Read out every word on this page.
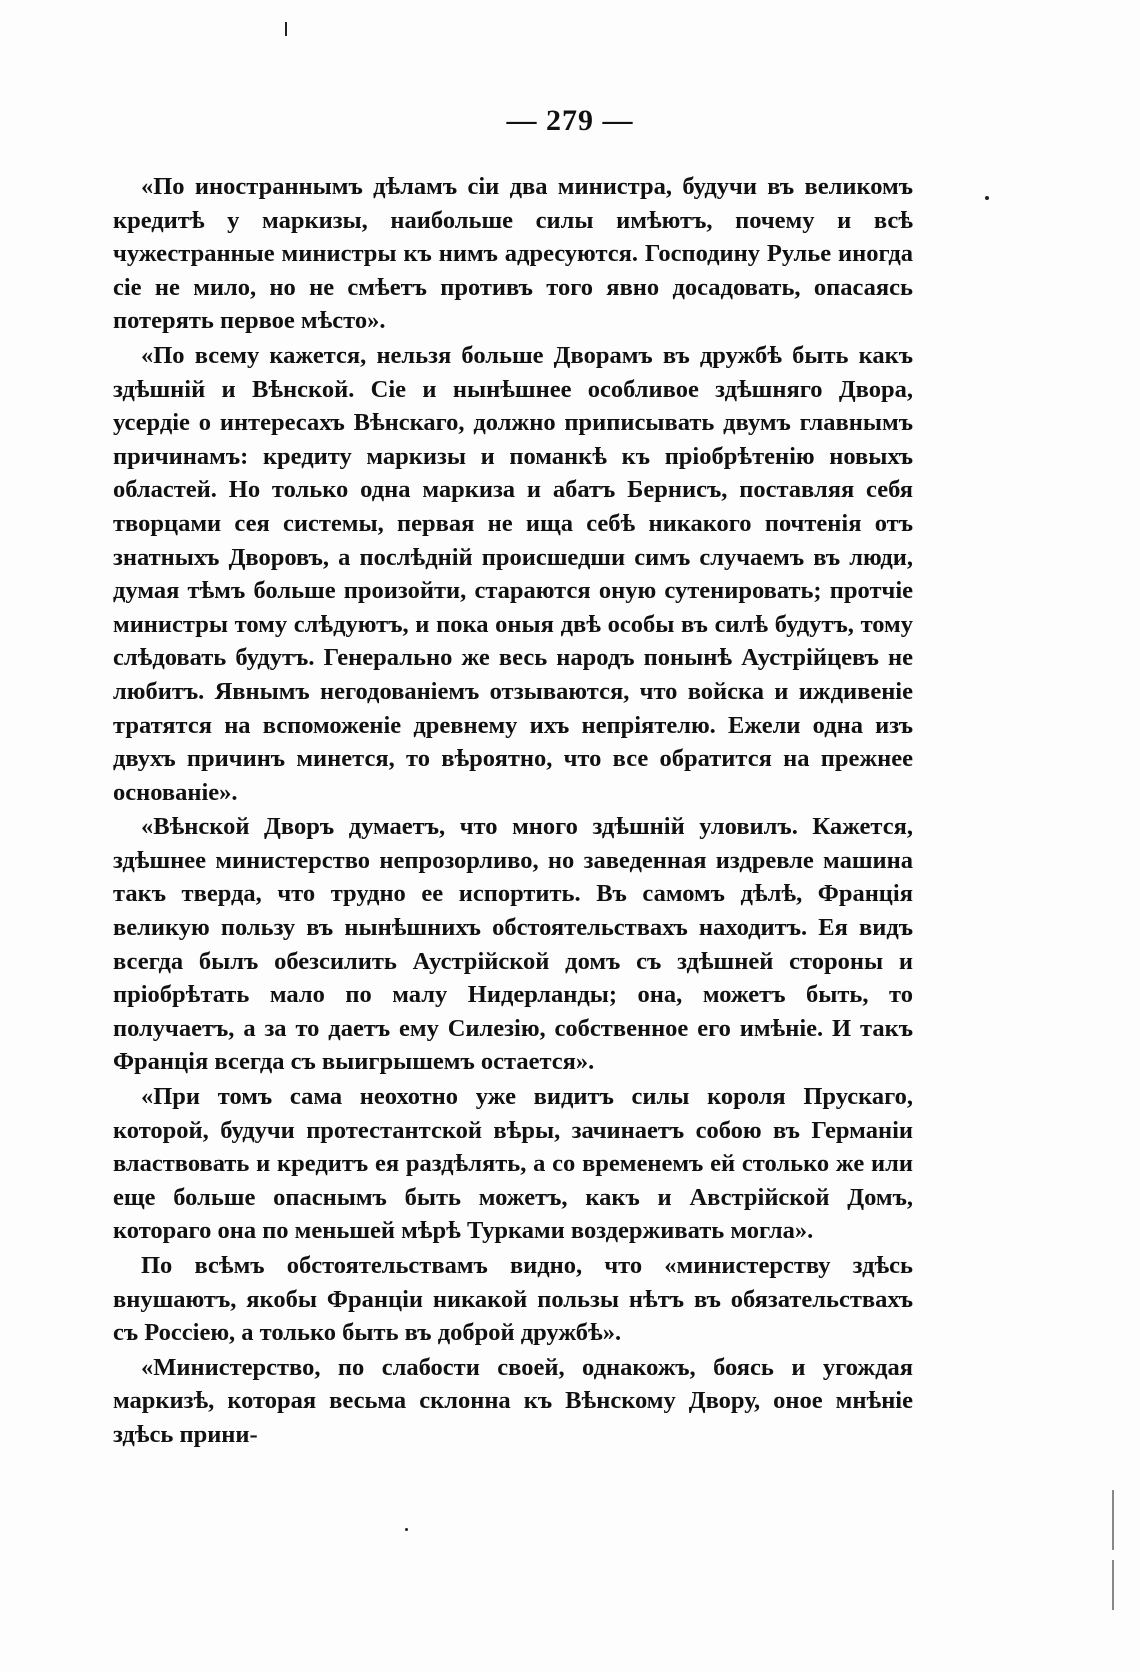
— 279 —

«По иностраннымъ дѣламъ сіи два министра, будучи въ великомъ кредитѣ у маркизы, наибольше силы имѣютъ, почему и всѣ чужестранные министры къ нимъ адресуются. Господину Рулье иногда сіе не мило, но не смѣетъ противъ того явно досадовать, опасаясь потерять первое мѣсто».

«По всему кажется, нельзя больше Дворамъ въ дружбѣ быть какъ здѣшній и Вѣнской. Сіе и нынѣшнее особливое здѣшняго Двора, усердіе о интересахъ Вѣнскаго, должно приписывать двумъ главнымъ причинамъ: кредиту маркизы и поманкѣ къ пріобрѣтенію новыхъ областей. Но только одна маркиза и абатъ Бернисъ, поставляя себя творцами сея системы, первая не ища себѣ никакого почтенія отъ знатныхъ Дворовъ, а послѣдній происшедши симъ случаемъ въ люди, думая тѣмъ больше произойти, стараются оную сутенировать; протчіе министры тому слѣдуютъ, и пока оныя двѣ особы въ силѣ будутъ, тому слѣдовать будутъ. Генерально же весь народъ понынѣ Аустрійцевъ не любитъ. Явнымъ негодованіемъ отзываются, что войска и иждивеніе тратятся на вспоможеніе древнему ихъ непріятелю. Ежели одна изъ двухъ причинъ минется, то вѣроятно, что все обратится на прежнее основаніе».

«Вѣнской Дворъ думаетъ, что много здѣшній уловилъ. Кажется, здѣшнее министерство непрозорливо, но заведенная издревле машина такъ тверда, что трудно ее испортить. Въ самомъ дѣлѣ, Франція великую пользу въ нынѣшнихъ обстоятельствахъ находитъ. Ея видъ всегда былъ обезсилить Аустрійской домъ съ здѣшней стороны и пріобрѣтать мало по малу Нидерланды; она, можетъ быть, то получаетъ, а за то даетъ ему Силезію, собственное его имѣніе. И такъ Франція всегда съ выигрышемъ остается».

«При томъ сама неохотно уже видитъ силы короля Прускаго, которой, будучи протестантской вѣры, зачинаетъ собою въ Германіи властвовать и кредитъ ея раздѣлять, а со временемъ ей столько же или еще больше опаснымъ быть можетъ, какъ и Австрійской Домъ, котораго она по меньшей мѣрѣ Турками воздерживать могла».

По всѣмъ обстоятельствамъ видно, что «министерству здѣсь внушаютъ, якобы Франціи никакой пользы нѣтъ въ обязательствахъ съ Россіею, а только быть въ доброй дружбѣ».

«Министерство, по слабости своей, однакожъ, боясь и угождая маркизѣ, которая весьма склонна къ Вѣнскому Двору, оное мнѣніе здѣсь прини-
